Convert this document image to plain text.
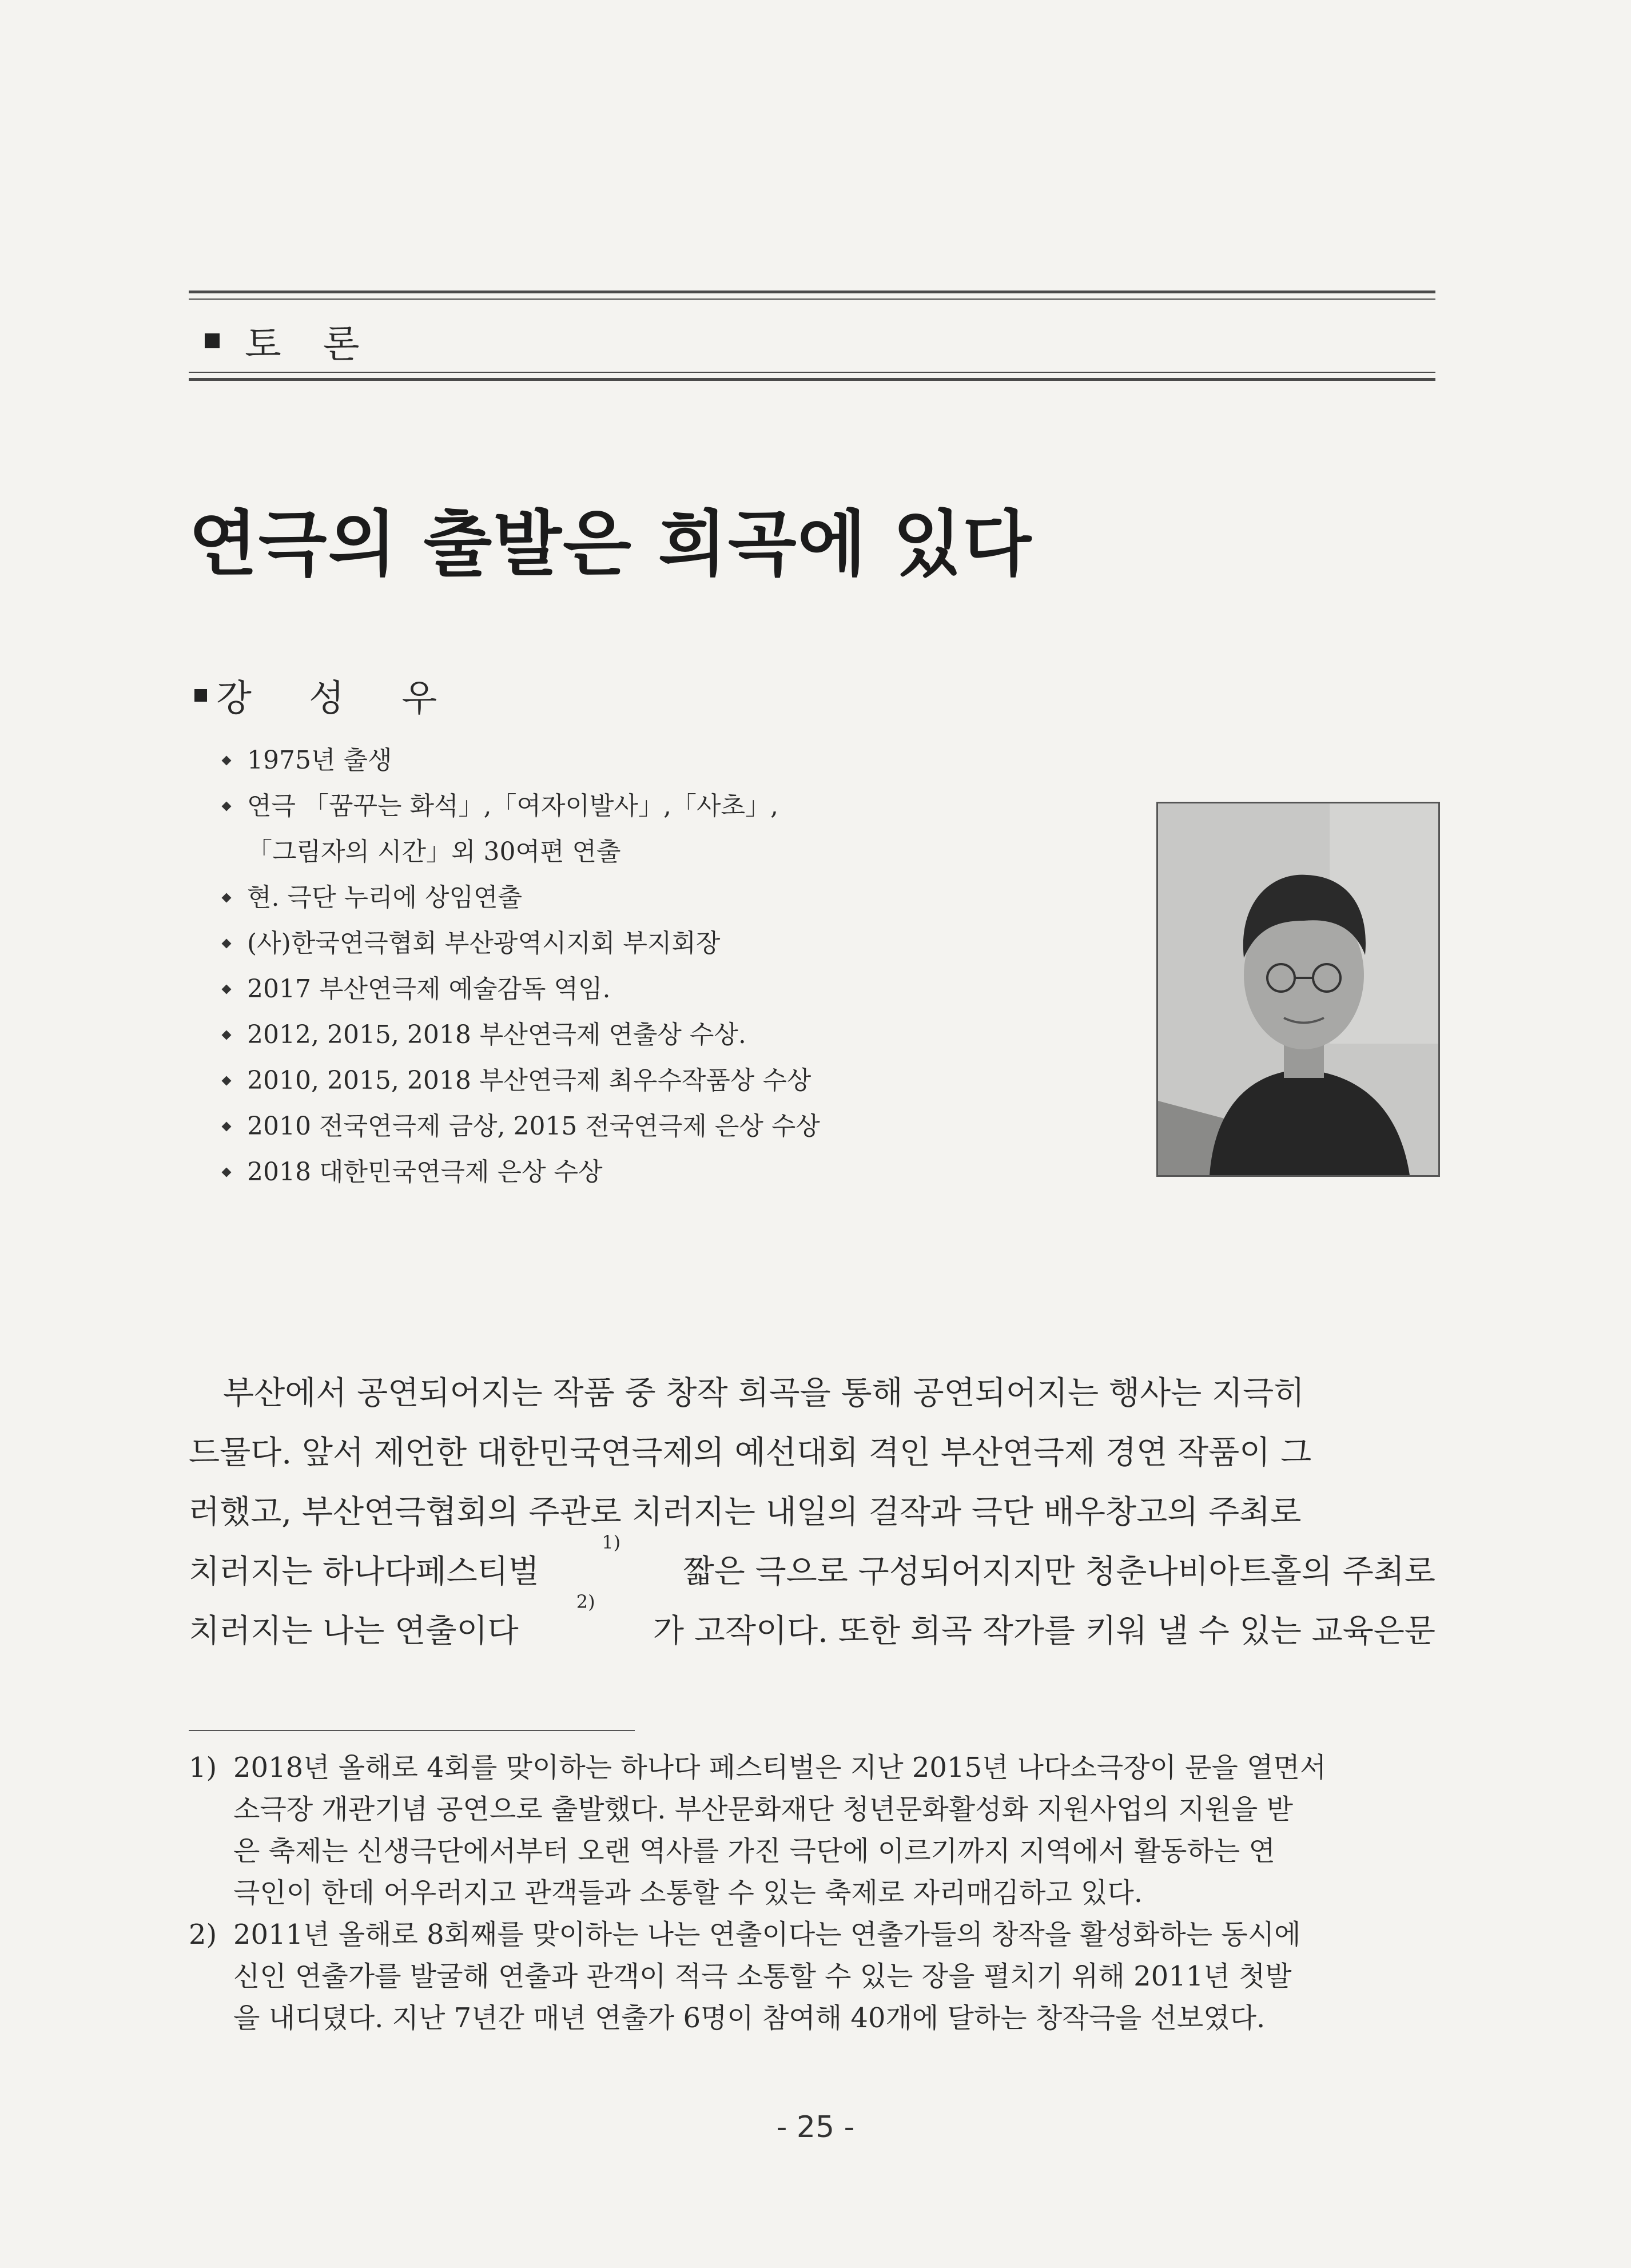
토 론
연극의 출발은 희곡에 있다
강 성 우
1975년 출생
연극 「꿈꾸는 화석」,「여자이발사」,「사초」,
「그림자의 시간」외 30여편 연출
현. 극단 누리에 상임연출
(사)한국연극협회 부산광역시지회 부지회장
2017 부산연극제 예술감독 역임.
2012, 2015, 2018 부산연극제 연출상 수상.
2010, 2015, 2018 부산연극제 최우수작품상 수상
2010 전국연극제 금상, 2015 전국연극제 은상 수상
2018 대한민국연극제 은상 수상
부산에서 공연되어지는 작품 중 창작 희곡을 통해 공연되어지는 행사는 지극히
드물다. 앞서 제언한 대한민국연극제의 예선대회 격인 부산연극제 경연 작품이 그
러했고, 부산연극협회의 주관로 치러지는 내일의 걸작과 극단 배우창고의 주최로
치러지는 하나다페스티벌
1)
짧은 극으로 구성되어지지만 청춘나비아트홀의 주최로
치러지는 나는 연출이다
2)
가 고작이다. 또한 희곡 작가를 키워 낼 수 있는 교육은문
1) 2018년 올해로 4회를 맞이하는 하나다 페스티벌은 지난 2015년 나다소극장이 문을 열면서
소극장 개관기념 공연으로 출발했다. 부산문화재단 청년문화활성화 지원사업의 지원을 받
은 축제는 신생극단에서부터 오랜 역사를 가진 극단에 이르기까지 지역에서 활동하는 연
극인이 한데 어우러지고 관객들과 소통할 수 있는 축제로 자리매김하고 있다.
2) 2011년 올해로 8회째를 맞이하는 나는 연출이다는 연출가들의 창작을 활성화하는 동시에
신인 연출가를 발굴해 연출과 관객이 적극 소통할 수 있는 장을 펼치기 위해 2011년 첫발
을 내디뎠다. 지난 7년간 매년 연출가 6명이 참여해 40개에 달하는 창작극을 선보였다.
- 25 -
